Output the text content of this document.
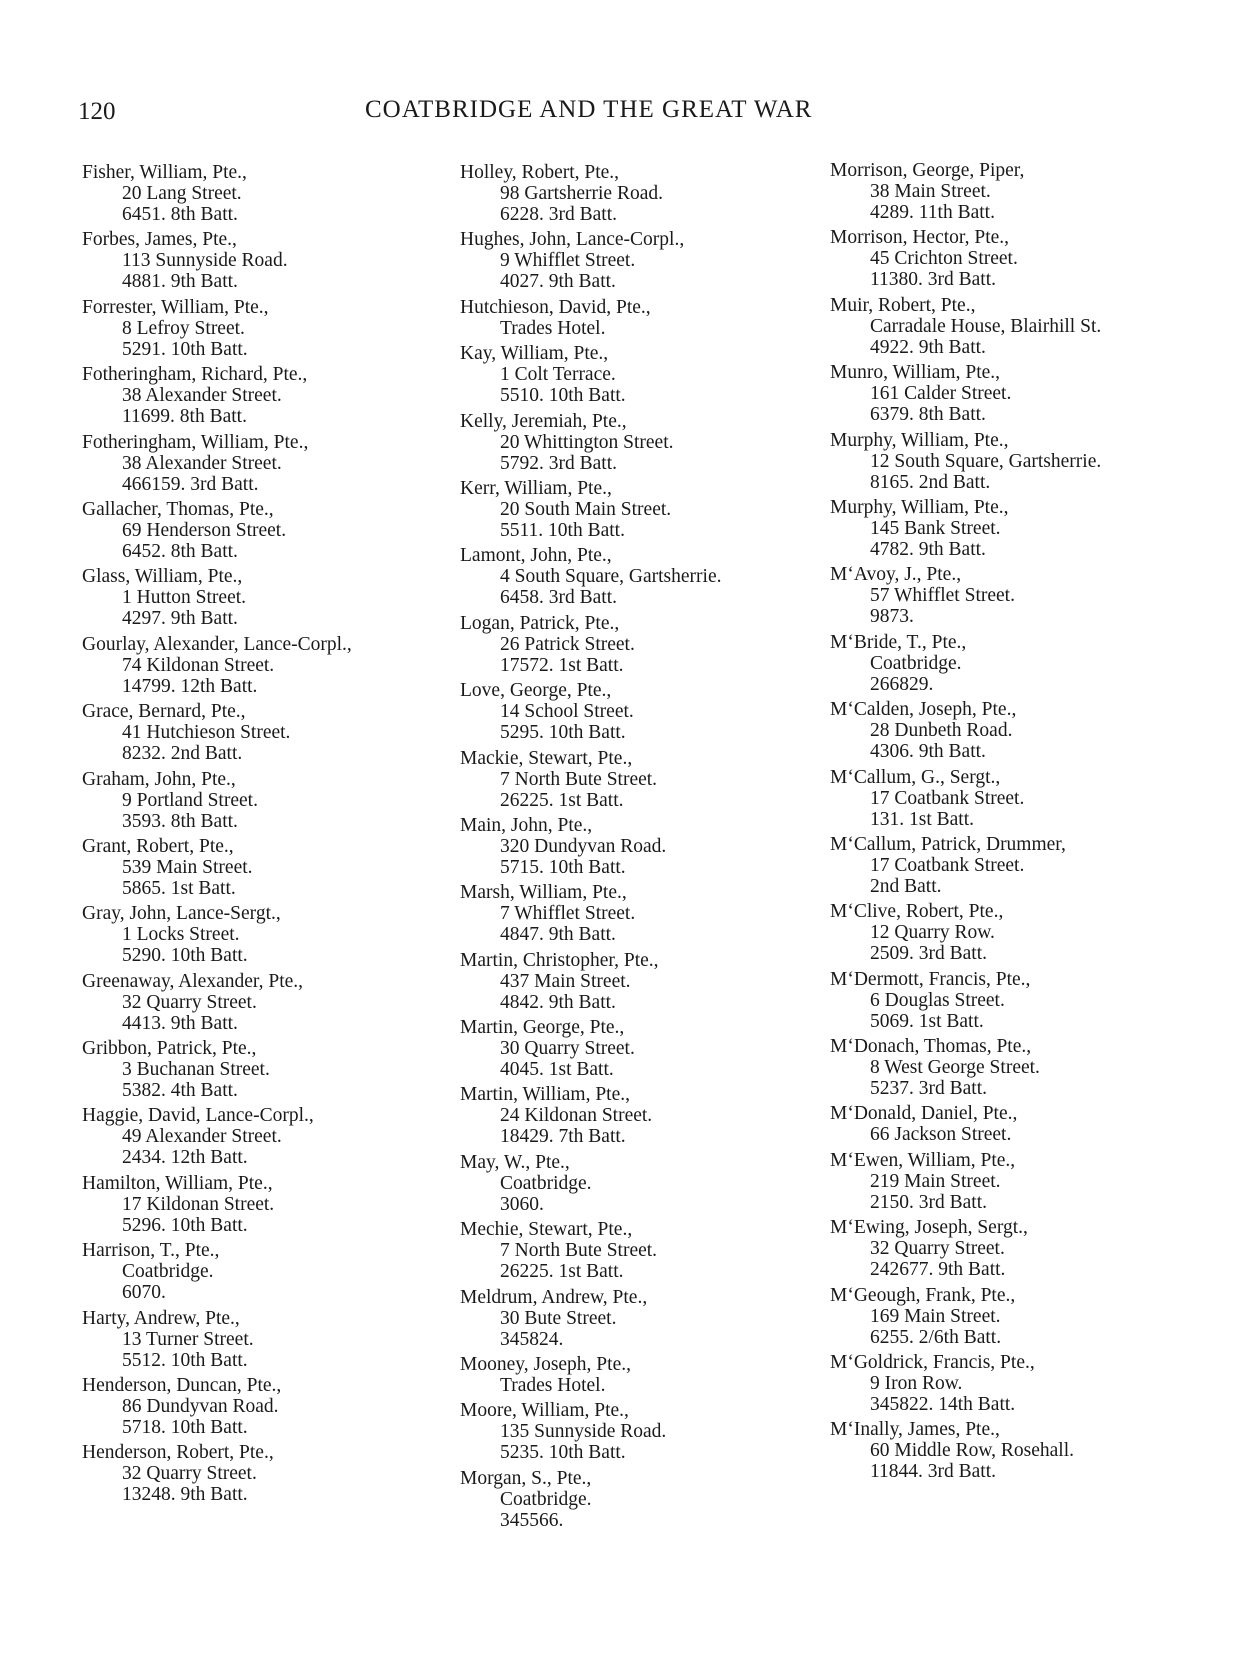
120	COATBRIDGE AND THE GREAT WAR
Fisher, William, Pte.,
20 Lang Street.
6451. 8th Batt.
Forbes, James, Pte.,
113 Sunnyside Road.
4881. 9th Batt.
Forrester, William, Pte.,
8 Lefroy Street.
5291. 10th Batt.
Fotheringham, Richard, Pte.,
38 Alexander Street.
11699. 8th Batt.
Fotheringham, William, Pte.,
38 Alexander Street.
466159. 3rd Batt.
Gallacher, Thomas, Pte.,
69 Henderson Street.
6452. 8th Batt.
Glass, William, Pte.,
1 Hutton Street.
4297. 9th Batt.
Gourlay, Alexander, Lance-Corpl.,
74 Kildonan Street.
14799. 12th Batt.
Grace, Bernard, Pte.,
41 Hutchieson Street.
8232. 2nd Batt.
Graham, John, Pte.,
9 Portland Street.
3593. 8th Batt.
Grant, Robert, Pte.,
539 Main Street.
5865. 1st Batt.
Gray, John, Lance-Sergt.,
1 Locks Street.
5290. 10th Batt.
Greenaway, Alexander, Pte.,
32 Quarry Street.
4413. 9th Batt.
Gribbon, Patrick, Pte.,
3 Buchanan Street.
5382. 4th Batt.
Haggie, David, Lance-Corpl.,
49 Alexander Street.
2434. 12th Batt.
Hamilton, William, Pte.,
17 Kildonan Street.
5296. 10th Batt.
Harrison, T., Pte.,
Coatbridge.
6070.
Harty, Andrew, Pte.,
13 Turner Street.
5512. 10th Batt.
Henderson, Duncan, Pte.,
86 Dundyvan Road.
5718. 10th Batt.
Henderson, Robert, Pte.,
32 Quarry Street.
13248. 9th Batt.
Holley, Robert, Pte.,
98 Gartsherrie Road.
6228. 3rd Batt.
Hughes, John, Lance-Corpl.,
9 Whifflet Street.
4027. 9th Batt.
Hutchieson, David, Pte.,
Trades Hotel.
Kay, William, Pte.,
1 Colt Terrace.
5510. 10th Batt.
Kelly, Jeremiah, Pte.,
20 Whittington Street.
5792. 3rd Batt.
Kerr, William, Pte.,
20 South Main Street.
5511. 10th Batt.
Lamont, John, Pte.,
4 South Square, Gartsherrie.
6458. 3rd Batt.
Logan, Patrick, Pte.,
26 Patrick Street.
17572. 1st Batt.
Love, George, Pte.,
14 School Street.
5295. 10th Batt.
Mackie, Stewart, Pte.,
7 North Bute Street.
26225. 1st Batt.
Main, John, Pte.,
320 Dundyvan Road.
5715. 10th Batt.
Marsh, William, Pte.,
7 Whifflet Street.
4847. 9th Batt.
Martin, Christopher, Pte.,
437 Main Street.
4842. 9th Batt.
Martin, George, Pte.,
30 Quarry Street.
4045. 1st Batt.
Martin, William, Pte.,
24 Kildonan Street.
18429. 7th Batt.
May, W., Pte.,
Coatbridge.
3060.
Mechie, Stewart, Pte.,
7 North Bute Street.
26225. 1st Batt.
Meldrum, Andrew, Pte.,
30 Bute Street.
345824.
Mooney, Joseph, Pte.,
Trades Hotel.
Moore, William, Pte.,
135 Sunnyside Road.
5235. 10th Batt.
Morgan, S., Pte.,
Coatbridge.
345566.
Morrison, George, Piper,
38 Main Street.
4289. 11th Batt.
Morrison, Hector, Pte.,
45 Crichton Street.
11380. 3rd Batt.
Muir, Robert, Pte.,
Carradale House, Blairhill St.
4922. 9th Batt.
Munro, William, Pte.,
161 Calder Street.
6379. 8th Batt.
Murphy, William, Pte.,
12 South Square, Gartsherrie.
8165. 2nd Batt.
Murphy, William, Pte.,
145 Bank Street.
4782. 9th Batt.
M‘Avoy, J., Pte.,
57 Whifflet Street.
9873.
M‘Bride, T., Pte.,
Coatbridge.
266829.
M‘Calden, Joseph, Pte.,
28 Dunbeth Road.
4306. 9th Batt.
M‘Callum, G., Sergt.,
17 Coatbank Street.
131. 1st Batt.
M‘Callum, Patrick, Drummer,
17 Coatbank Street.
2nd Batt.
M‘Clive, Robert, Pte.,
12 Quarry Row.
2509. 3rd Batt.
M‘Dermott, Francis, Pte.,
6 Douglas Street.
5069. 1st Batt.
M‘Donach, Thomas, Pte.,
8 West George Street.
5237. 3rd Batt.
M‘Donald, Daniel, Pte.,
66 Jackson Street.
M‘Ewen, William, Pte.,
219 Main Street.
2150. 3rd Batt.
M‘Ewing, Joseph, Sergt.,
32 Quarry Street.
242677. 9th Batt.
M‘Geough, Frank, Pte.,
169 Main Street.
6255. 2/6th Batt.
M‘Goldrick, Francis, Pte.,
9 Iron Row.
345822. 14th Batt.
M‘Inally, James, Pte.,
60 Middle Row, Rosehall.
11844. 3rd Batt.
